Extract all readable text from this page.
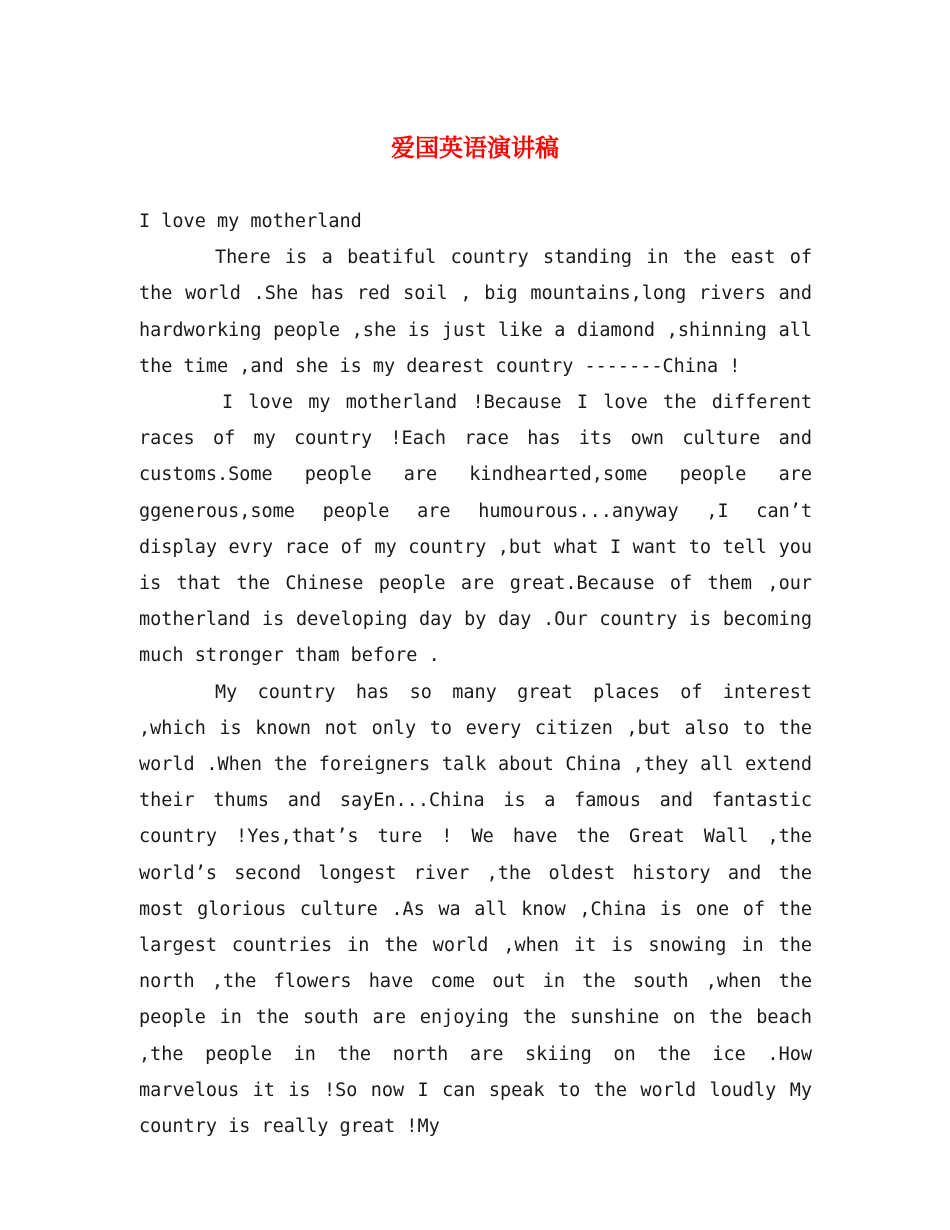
爱国英语演讲稿

I love my motherland

There is a beatiful country standing in the east of the world .She has red soil , big mountains,long rivers and hardworking people ,she is just like a diamond ,shinning all the time ,and she is my dearest country -------China !

I love my motherland !Because I love the different races of my country !Each race has its own culture and customs.Some people are kindhearted,some people are ggenerous,some people are humourous...anyway ,I can’t display evry race of my country ,but what I want to tell you is that the Chinese people are great.Because of them ,our motherland is developing day by day .Our country is becoming much stronger tham before .

My country has so many great places of interest ,which is known not only to every citizen ,but also to the world .When the foreigners talk about China ,they all extend their thums and sayEn...China is a famous and fantastic country !Yes,that’s ture ! We have the Great Wall ,the world’s second longest river ,the oldest history and the most glorious culture .As wa all know ,China is one of the largest countries in the world ,when it is snowing in the north ,the flowers have come out in the south ,when the people in the south are enjoying the sunshine on the beach ,the people in the north are skiing on the ice .How marvelous it is !So now I can speak to the world loudly My country is really great !My
